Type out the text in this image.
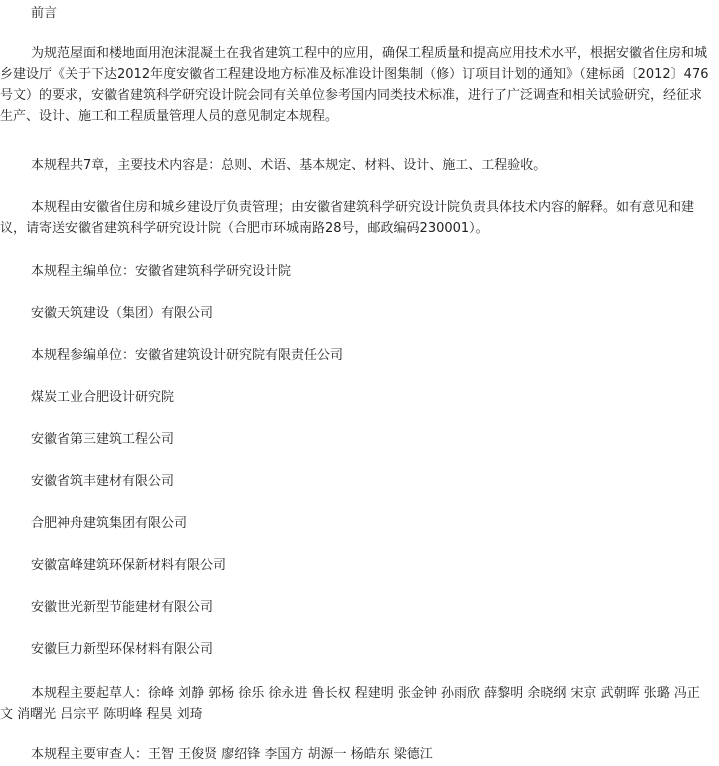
前言

为规范屋面和楼地面用泡沫混凝土在我省建筑工程中的应用，确保工程质量和提高应用技术水平，根据安徽省住房和城乡建设厅《关于下达2012年度安徽省工程建设地方标准及标准设计图集制（修）订项目计划的通知》（建标函〔2012〕476号文）的要求，安徽省建筑科学研究设计院会同有关单位参考国内同类技术标准，进行了广泛调查和相关试验研究，经征求生产、设计、施工和工程质量管理人员的意见制定本规程。

本规程共7章，主要技术内容是：总则、术语、基本规定、材料、设计、施工、工程验收。

本规程由安徽省住房和城乡建设厅负责管理；由安徽省建筑科学研究设计院负责具体技术内容的解释。如有意见和建议，请寄送安徽省建筑科学研究设计院（合肥市环城南路28号，邮政编码230001）。

本规程主编单位：安徽省建筑科学研究设计院

安徽天筑建设（集团）有限公司

本规程参编单位：安徽省建筑设计研究院有限责任公司

煤炭工业合肥设计研究院

安徽省第三建筑工程公司

安徽省筑丰建材有限公司

合肥神舟建筑集团有限公司

安徽富峰建筑环保新材料有限公司

安徽世光新型节能建材有限公司

安徽巨力新型环保材料有限公司

本规程主要起草人：徐峰 刘静 郭杨 徐乐 徐永进 鲁长权 程建明 张金钟 孙雨欣 薛黎明 余晓纲 宋京 武朝晖 张璐 冯正文 消曙光 吕宗平 陈明峰 程昊 刘琦

本规程主要审查人：王智 王俊贤 廖绍锋 李国方 胡源一 杨皓东 梁德江
